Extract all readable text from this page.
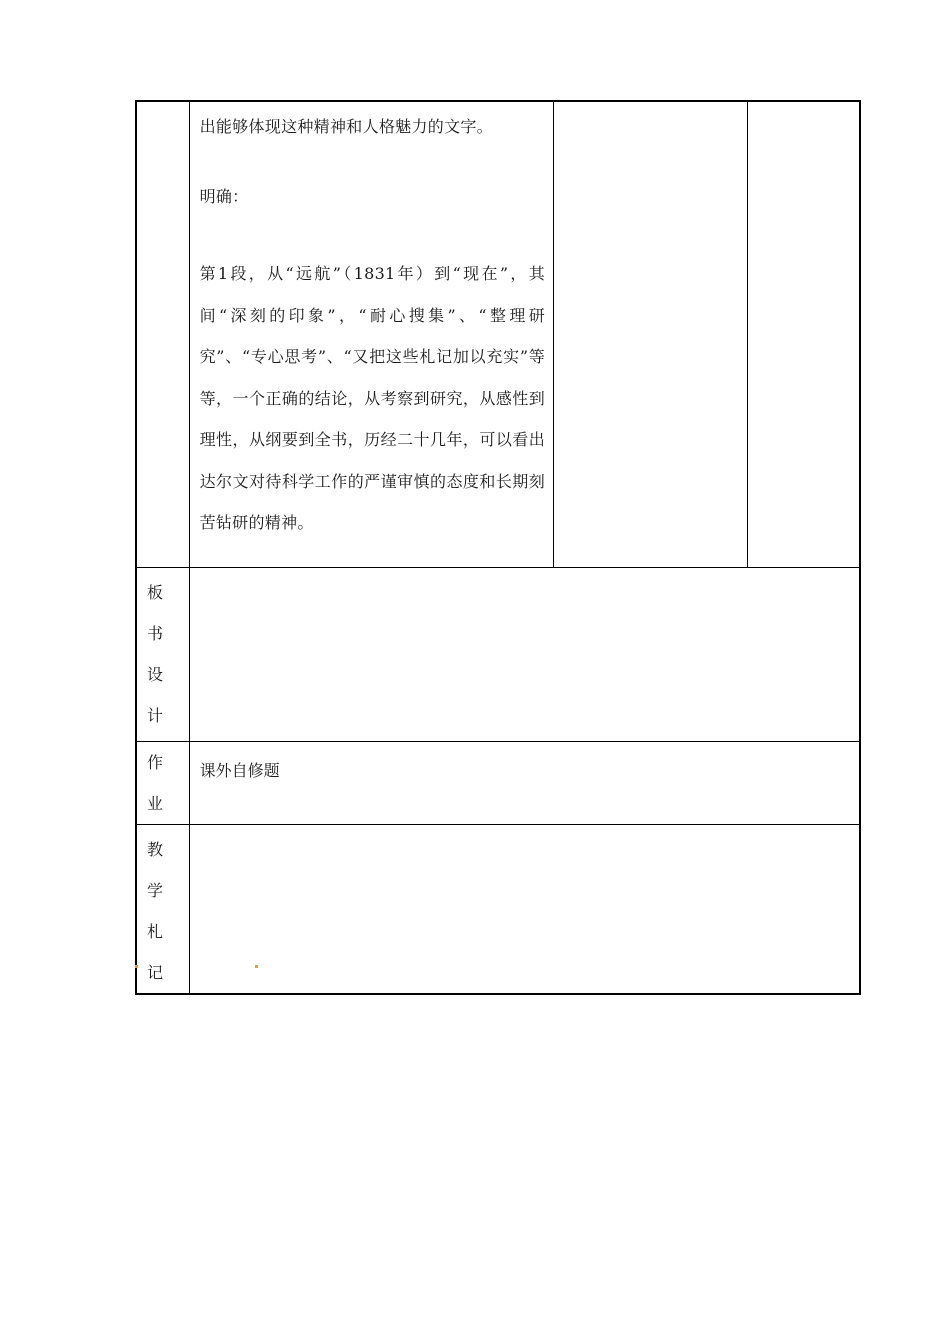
	出能够体现这种精神和人格魅力的文字。

明确：

第1段，从“远航”（1831年）到“现在”，其间“深刻的印象”，“耐心搜集”、“整理研究”、“专心思考”、“又把这些札记加以充实”等等，一个正确的结论，从考察到研究，从感性到理性，从纲要到全书，历经二十几年，可以看出达尔文对待科学工作的严谨审慎的态度和长期刻苦钻研的精神。		

板书
设计			

作
业	课外自修题		

教学
札记			
